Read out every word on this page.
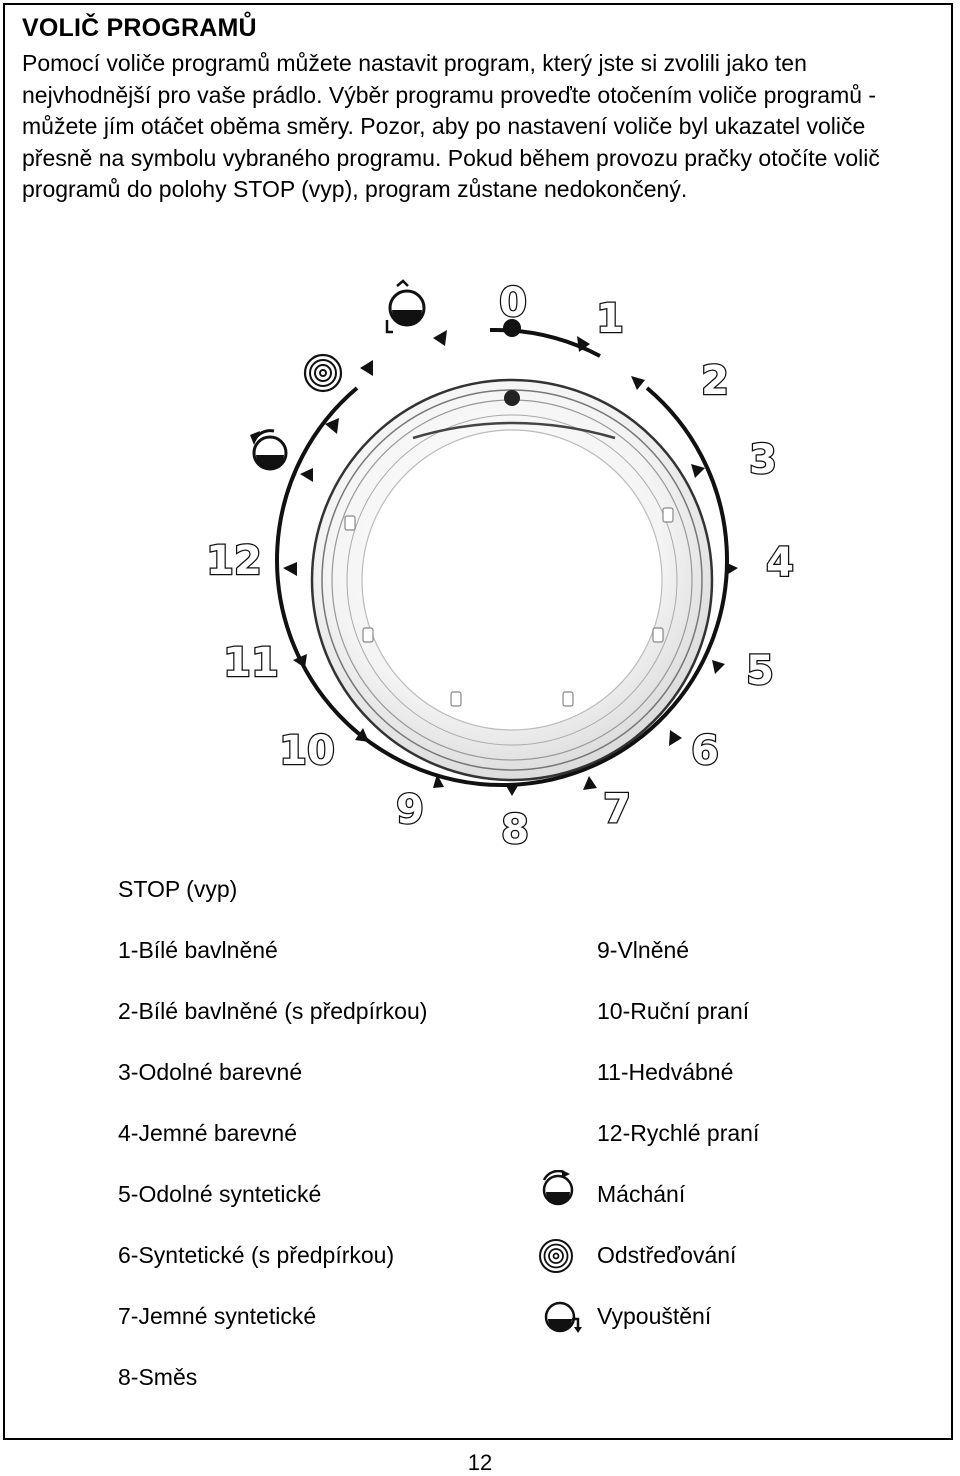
VOLIČ PROGRAMŮ
Pomocí voliče programů můžete nastavit program, který jste si zvolili jako ten nejvhodnější pro vaše prádlo. Výběr programu proveďte otočením voliče programů - můžete jím otáčet oběma směry. Pozor, aby po nastavení voliče byl ukazatel voliče přesně na symbolu vybraného programu. Pokud během provozu pračky otočíte volič programů do polohy STOP (vyp), program zůstane nedokončený.
0 1
2
3
4
5
6
7
8
9
10
11
12
STOP (vyp)
1-Bílé bavlněné
2-Bílé bavlněné (s předpírkou)
3-Odolné barevné
4-Jemné barevné
5-Odolné syntetické
6-Syntetické (s předpírkou)
7-Jemné syntetické
8-Směs
9-Vlněné
10-Ruční praní
11-Hedvábné
12-Rychlé praní
Máchání
Odstřeďování
Vypouštění
12
